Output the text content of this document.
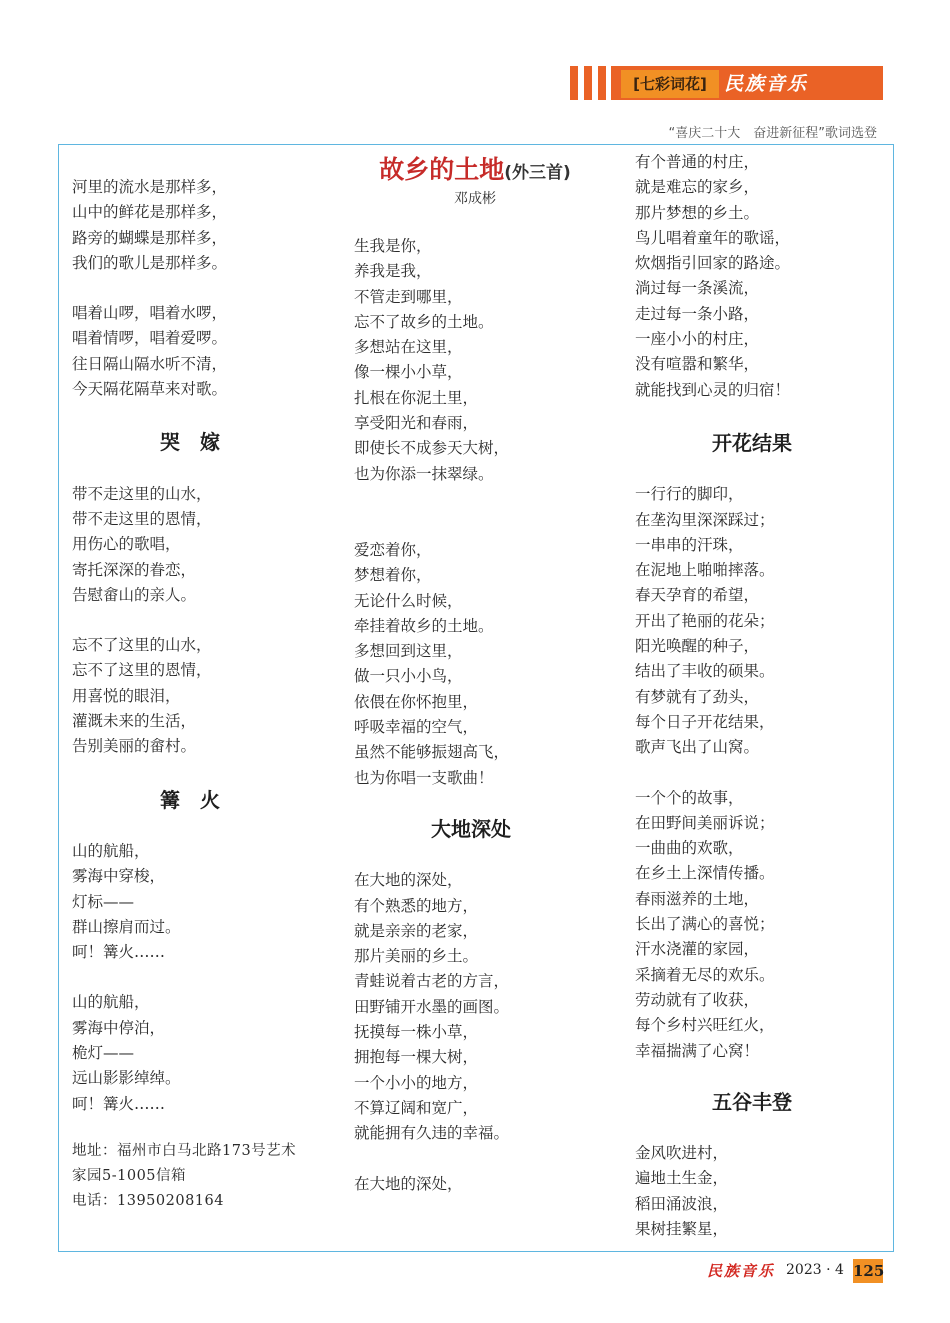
[七彩词花] 民族音乐
“喜庆二十大　奋进新征程”歌词选登
故乡的土地(外三首)
邓成彬

河里的流水是那样多，

山中的鲜花是那样多，

路旁的蝴蝶是那样多，

我们的歌儿是那样多。

唱着山啰，唱着水啰，

唱着情啰，唱着爱啰。

往日隔山隔水听不清，

今天隔花隔草来对歌。

哭　嫁

带不走这里的山水，

带不走这里的恩情，

用伤心的歌唱，

寄托深深的眷恋，

告慰畲山的亲人。

忘不了这里的山水，

忘不了这里的恩情，

用喜悦的眼泪，

灌溉未来的生活，

告别美丽的畲村。

篝　火

山的航船，

雾海中穿梭，

灯标——

群山擦肩而过。

呵！篝火……

山的航船，

雾海中停泊，

桅灯——

远山影影绰绰。

呵！篝火……

地址：福州市白马北路173号艺术

家园5-1005信箱

电话：13950208164

生我是你，

养我是我，

不管走到哪里，

忘不了故乡的土地。

多想站在这里，

像一棵小小草，

扎根在你泥土里，

享受阳光和春雨，

即使长不成参天大树，

也为你添一抹翠绿。

爱恋着你，

梦想着你，

无论什么时候，

牵挂着故乡的土地。

多想回到这里，

做一只小小鸟，

依偎在你怀抱里，

呼吸幸福的空气，

虽然不能够振翅高飞，

也为你唱一支歌曲！

大地深处

在大地的深处，

有个熟悉的地方，

就是亲亲的老家，

那片美丽的乡土。

青蛙说着古老的方言，

田野铺开水墨的画图。

抚摸每一株小草，

拥抱每一棵大树，

一个小小的地方，

不算辽阔和宽广，

就能拥有久违的幸福。

在大地的深处，

有个普通的村庄，

就是难忘的家乡，

那片梦想的乡土。

鸟儿唱着童年的歌谣，

炊烟指引回家的路途。

淌过每一条溪流，

走过每一条小路，

一座小小的村庄，

没有喧嚣和繁华，

就能找到心灵的归宿！

开花结果

一行行的脚印，

在垄沟里深深踩过；

一串串的汗珠，

在泥地上啪啪摔落。

春天孕育的希望，

开出了艳丽的花朵；

阳光唤醒的种子，

结出了丰收的硕果。

有梦就有了劲头，

每个日子开花结果，

歌声飞出了山窝。

一个个的故事，

在田野间美丽诉说；

一曲曲的欢歌，

在乡土上深情传播。

春雨滋养的土地，

长出了满心的喜悦；

汗水浇灌的家园，

采摘着无尽的欢乐。

劳动就有了收获，

每个乡村兴旺红火，

幸福揣满了心窝！

五谷丰登

金风吹进村，

遍地土生金，

稻田涌波浪，

果树挂繁星，

民族音乐 2023 · 4 125
